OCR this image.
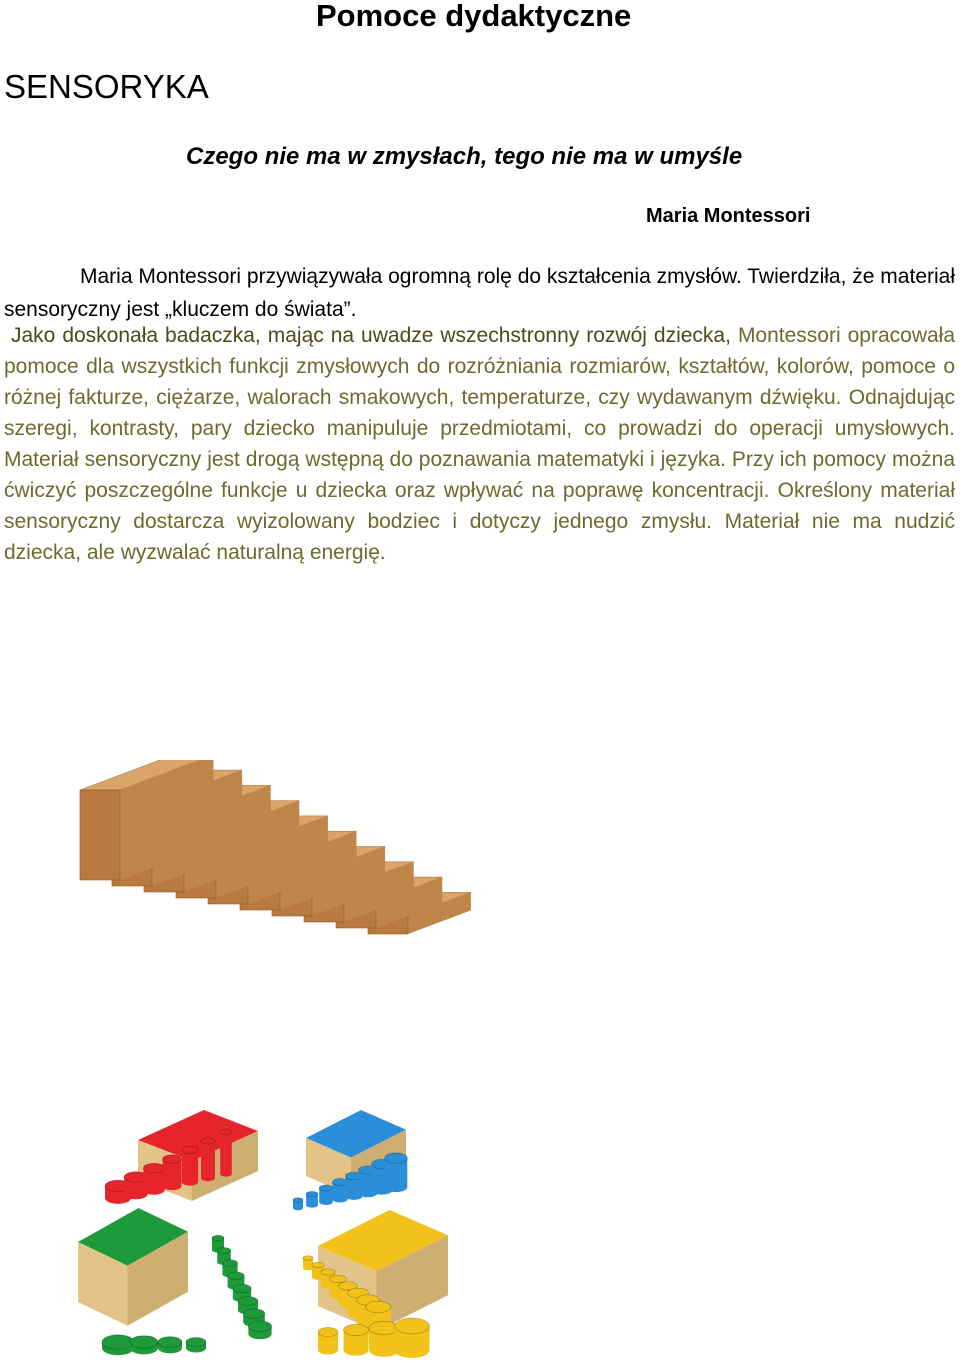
Pomoce dydaktyczne
SENSORYKA

Czego nie ma w zmysłach, tego nie ma w umyśle

Maria Montessori

Maria Montessori przywiązywała ogromną rolę do kształcenia zmysłów. Twierdziła, że materiał sensoryczny jest „kluczem do świata”.

Jako doskonała badaczka, mając na uwadze wszechstronny rozwój dziecka, Montessori opracowała pomoce dla wszystkich funkcji zmysłowych do rozróżniania rozmiarów, kształtów, kolorów, pomoce o różnej fakturze, ciężarze, walorach smakowych, temperaturze, czy wydawanym dźwięku. Odnajdując szeregi, kontrasty, pary dziecko manipuluje przedmiotami, co prowadzi do operacji umysłowych. Materiał sensoryczny jest drogą wstępną do poznawania matematyki i języka. Przy ich pomocy można ćwiczyć poszczególne funkcje u dziecka oraz wpływać na poprawę koncentracji. Określony materiał sensoryczny dostarcza wyizolowany bodziec i dotyczy jednego zmysłu. Materiał nie ma nudzić dziecka, ale wyzwalać naturalną energię.
